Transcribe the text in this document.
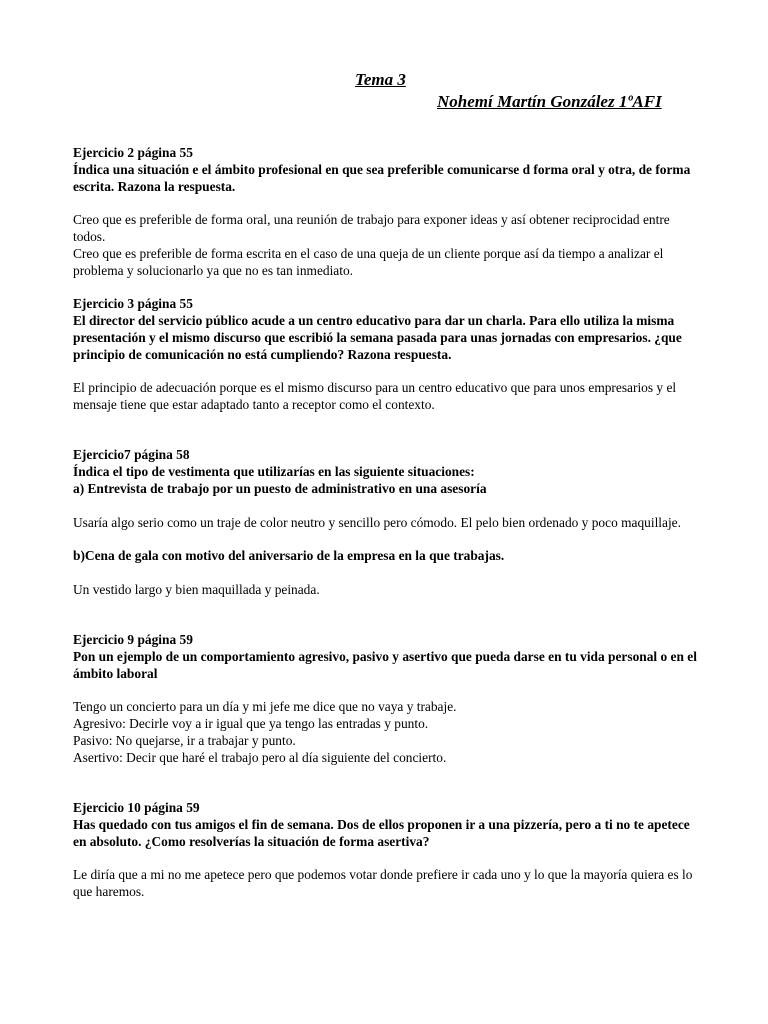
Tema 3
Nohemí Martín González 1ºAFI

Ejercicio 2 página 55

Índica una situación e el ámbito profesional en que sea preferible comunicarse d forma oral y otra, de forma escrita. Razona la respuesta.

Creo que es preferible de forma oral, una reunión de trabajo para exponer ideas y así obtener reciprocidad entre todos.

Creo que es preferible de forma escrita en el caso de una queja de un cliente porque así da tiempo a analizar el problema y solucionarlo ya que no es tan inmediato.

Ejercicio 3 página 55

El director del servicio público acude a un centro educativo para dar un charla. Para ello utiliza la misma presentación y el mismo discurso que escribió la semana pasada para unas jornadas con empresarios. ¿que principio de comunicación no está cumpliendo? Razona respuesta.

El principio de adecuación porque es el mismo discurso para un centro educativo que para unos empresarios y el mensaje tiene que estar adaptado tanto a receptor como el contexto.

Ejercicio7 página 58

Índica el tipo de vestimenta que utilizarías en las siguiente situaciones:

a) Entrevista de trabajo por un puesto de administrativo en una asesoría

Usaría algo serio como un traje de color neutro y sencillo pero cómodo. El pelo bien ordenado y poco maquillaje.

b)Cena de gala con motivo del aniversario de la empresa en la que trabajas.

Un vestido largo y bien maquillada y peinada.

Ejercicio 9 página 59

Pon un ejemplo de un comportamiento agresivo, pasivo y asertivo que pueda darse en tu vida personal o en el ámbito laboral

Tengo un concierto para un día y mi jefe me dice que no vaya y trabaje.

Agresivo: Decirle voy a ir igual que ya tengo las entradas y punto.

Pasivo: No quejarse, ir a trabajar y punto.

Asertivo: Decir que haré el trabajo pero al día siguiente del concierto.

Ejercicio 10 página 59

Has quedado con tus amigos el fin de semana. Dos de ellos proponen ir a una pizzería, pero a ti no te apetece en absoluto. ¿Como resolverías la situación de forma asertiva?

Le diría que a mi no me apetece pero que podemos votar donde prefiere ir cada uno y lo que la mayoría quiera es lo que haremos.
